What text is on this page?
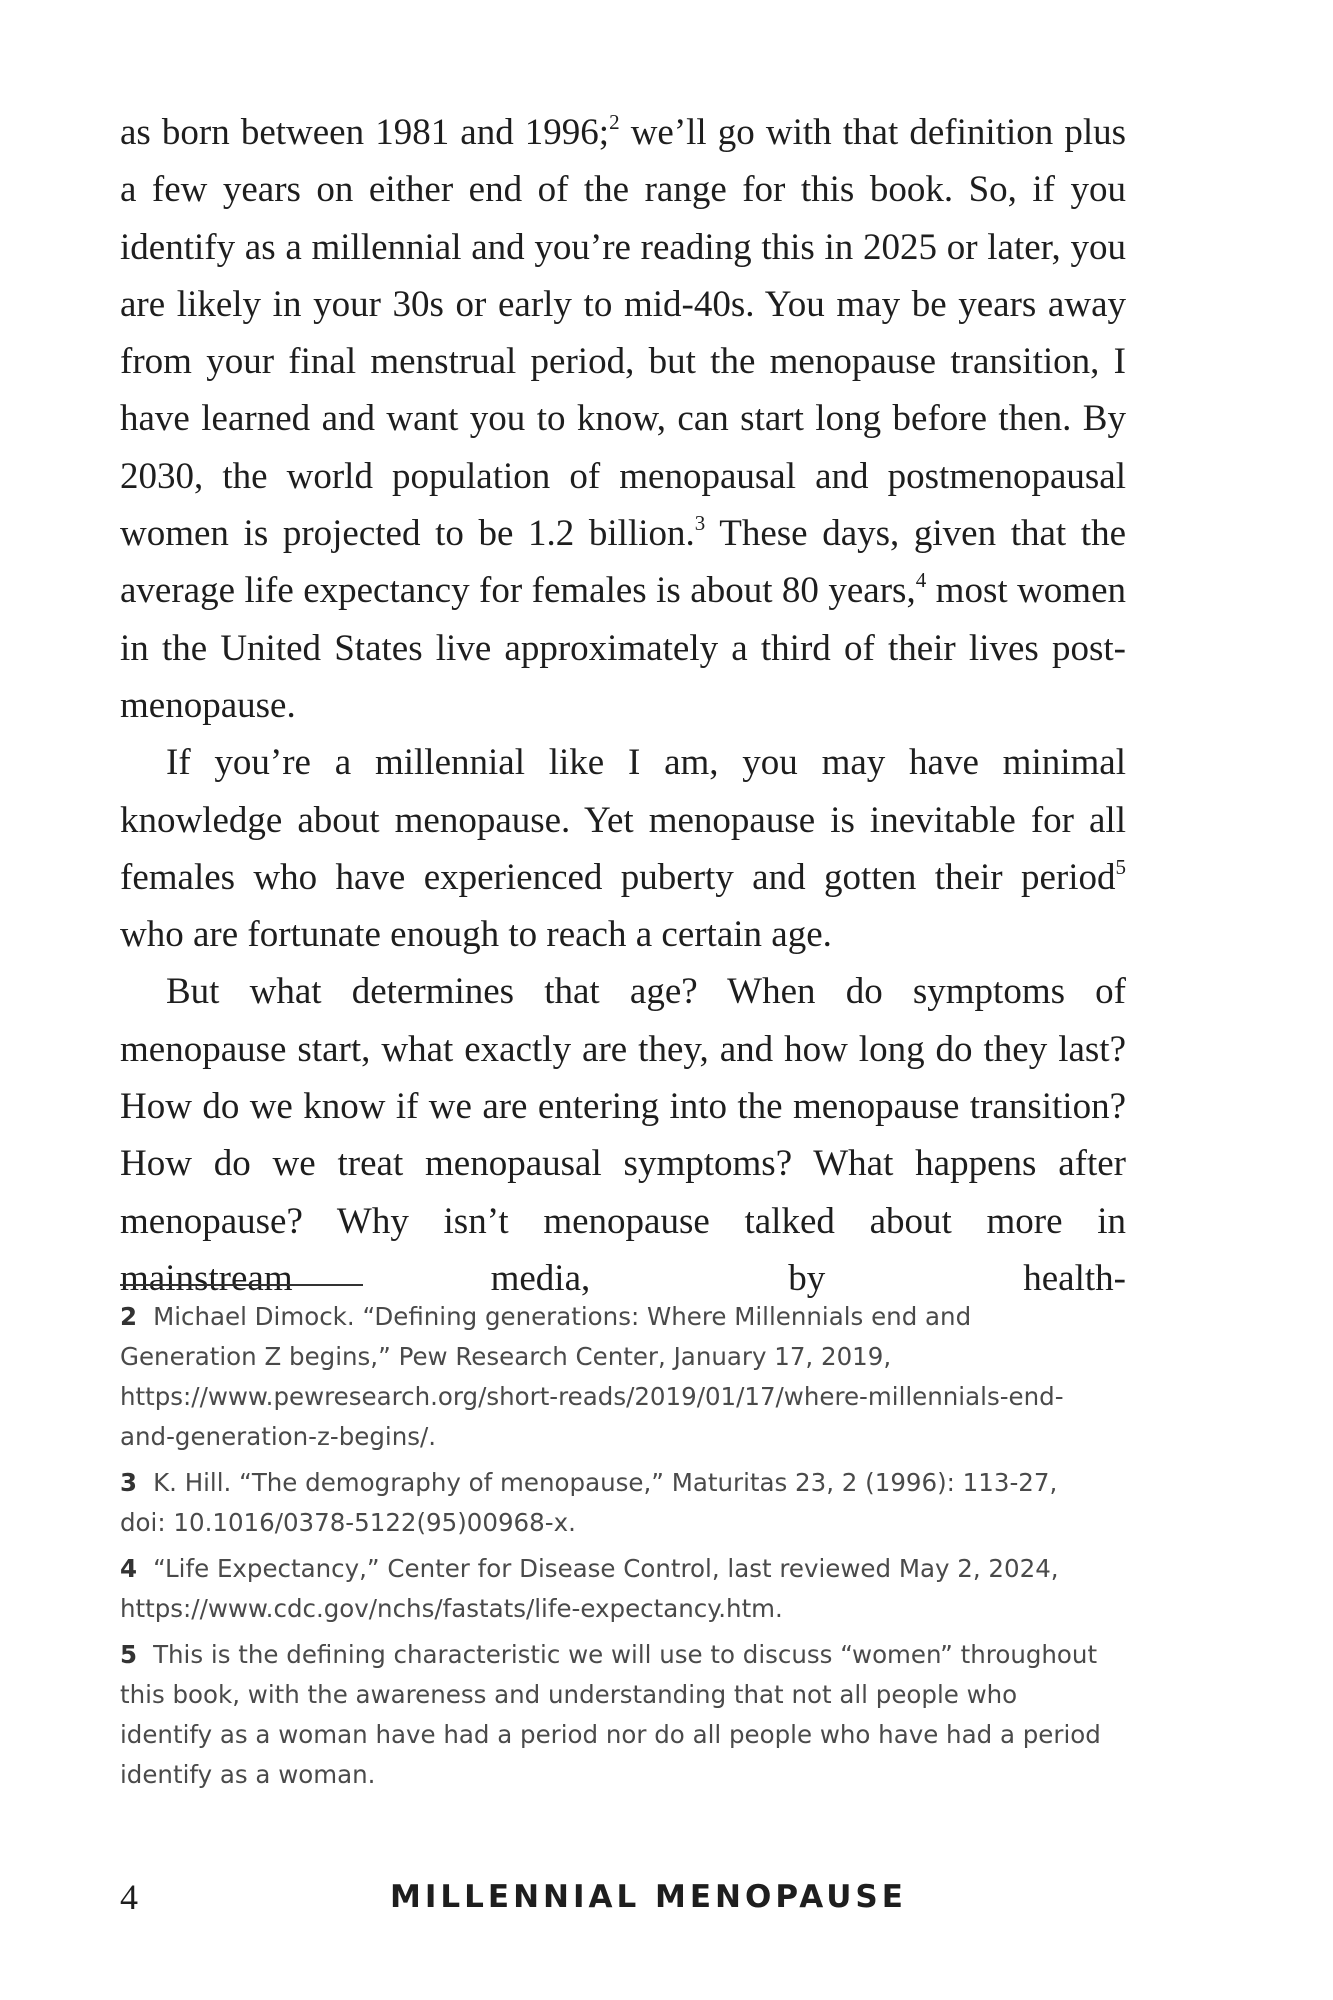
as born between 1981 and 1996;$^2$ we’ll go with that definition plus a few years on either end of the range for this book. So, if you identify as a millennial and you’re reading this in 2025 or later, you are likely in your 30s or early to mid-40s. You may be years away from your final menstrual period, but the menopause transition, I have learned and want you to know, can start long before then. By 2030, the world population of menopausal and postmenopausal women is projected to be 1.2 billion.$^3$ These days, given that the average life expectancy for females is about 80 years,$^4$ most women in the United States live approximately a third of their lives post-menopause.

If you’re a millennial like I am, you may have minimal knowledge about menopause. Yet menopause is inevitable for all females who have experienced puberty and gotten their period$^5$ who are fortunate enough to reach a certain age.

But what determines that age? When do symptoms of menopause start, what exactly are they, and how long do they last? How do we know if we are entering into the menopause transition? How do we treat menopausal symptoms? What happens after menopause? Why isn’t menopause talked about more in mainstream media, by health-

2 Michael Dimock. “Defining generations: Where Millennials end and Generation Z begins,” Pew Research Center, January 17, 2019, https://www.pewresearch.org/short-reads/2019/01/17/where-millennials-end-and-generation-z-begins/.

3 K. Hill. “The demography of menopause,” Maturitas 23, 2 (1996): 113-27, doi: 10.1016/0378-5122(95)00968-x.

4 “Life Expectancy,” Center for Disease Control, last reviewed May 2, 2024, https://www.cdc.gov/nchs/fastats/life-expectancy.htm.

5 This is the defining characteristic we will use to discuss “women” throughout this book, with the awareness and understanding that not all people who identify as a woman have had a period nor do all people who have had a period identify as a woman.

4	MILLENNIAL MENOPAUSE
